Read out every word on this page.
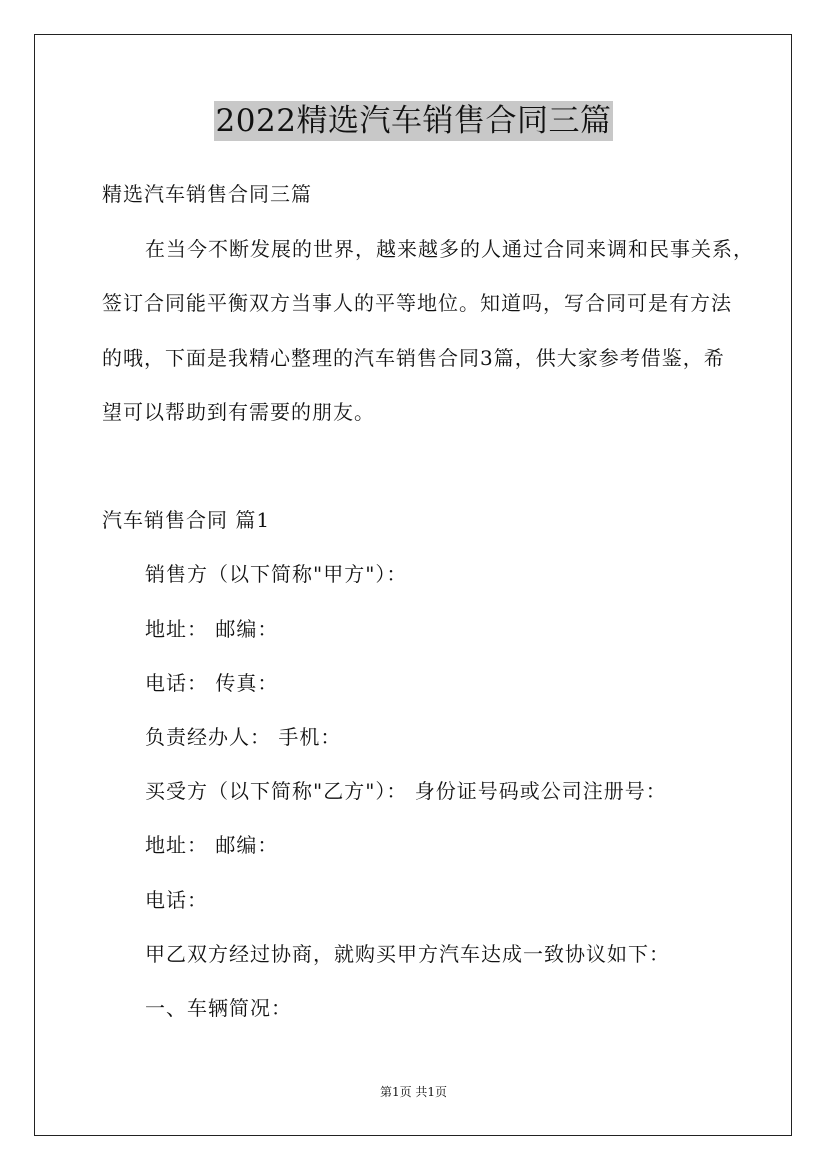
2022精选汽车销售合同三篇
精选汽车销售合同三篇
在当今不断发展的世界，越来越多的人通过合同来调和民事关系，
签订合同能平衡双方当事人的平等地位。知道吗，写合同可是有方法
的哦，下面是我精心整理的汽车销售合同3篇，供大家参考借鉴，希
望可以帮助到有需要的朋友。
汽车销售合同 篇1
销售方（以下简称"甲方"）：
地址： 邮编：
电话： 传真：
负责经办人： 手机：
买受方（以下简称"乙方"）： 身份证号码或公司注册号：
地址： 邮编：
电话：
甲乙双方经过协商，就购买甲方汽车达成一致协议如下：
一、车辆简况：
第1页 共1页
